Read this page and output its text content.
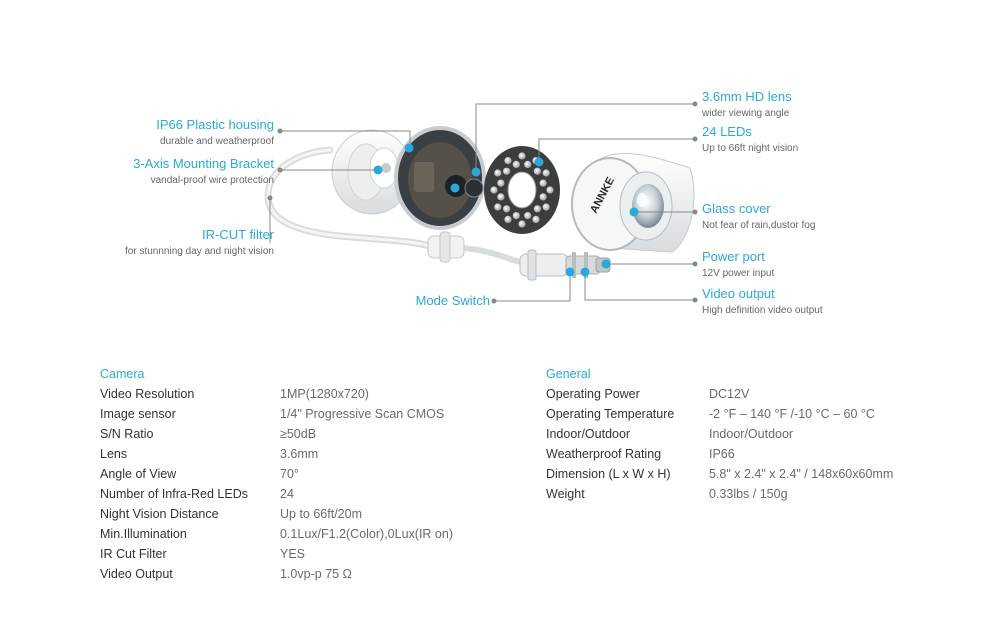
ANNKE
IP66 Plastic housing
durable and weatherproof
3-Axis Mounting Bracket
vandal-proof wire protection
IR-CUT filter
for stunnning day and night vision
Mode Switch
3.6mm HD lens
wider viewing angle
24 LEDs
Up to 66ft night vision
Glass cover
Not fear of rain,dustor fog
Power port
12V power input
Video output
High definition video output
Camera
Video Resolution	1MP(1280x720)
Image sensor	1/4" Progressive Scan CMOS
S/N Ratio	≥50dB
Lens	3.6mm
Angle of View	70°
Number of Infra-Red LEDs	24
Night Vision Distance	Up to 66ft/20m
Min.Illumination	0.1Lux/F1.2(Color),0Lux(IR on)
IR Cut Filter	YES
Video Output	1.0vp-p 75 Ω
General
Operating Power	DC12V
Operating Temperature	-2 °F – 140 °F /-10 °C – 60 °C
Indoor/Outdoor	Indoor/Outdoor
Weatherproof Rating	IP66
Dimension (L x W x H)	5.8" x 2.4" x 2.4" / 148x60x60mm
Weight	0.33lbs / 150g
